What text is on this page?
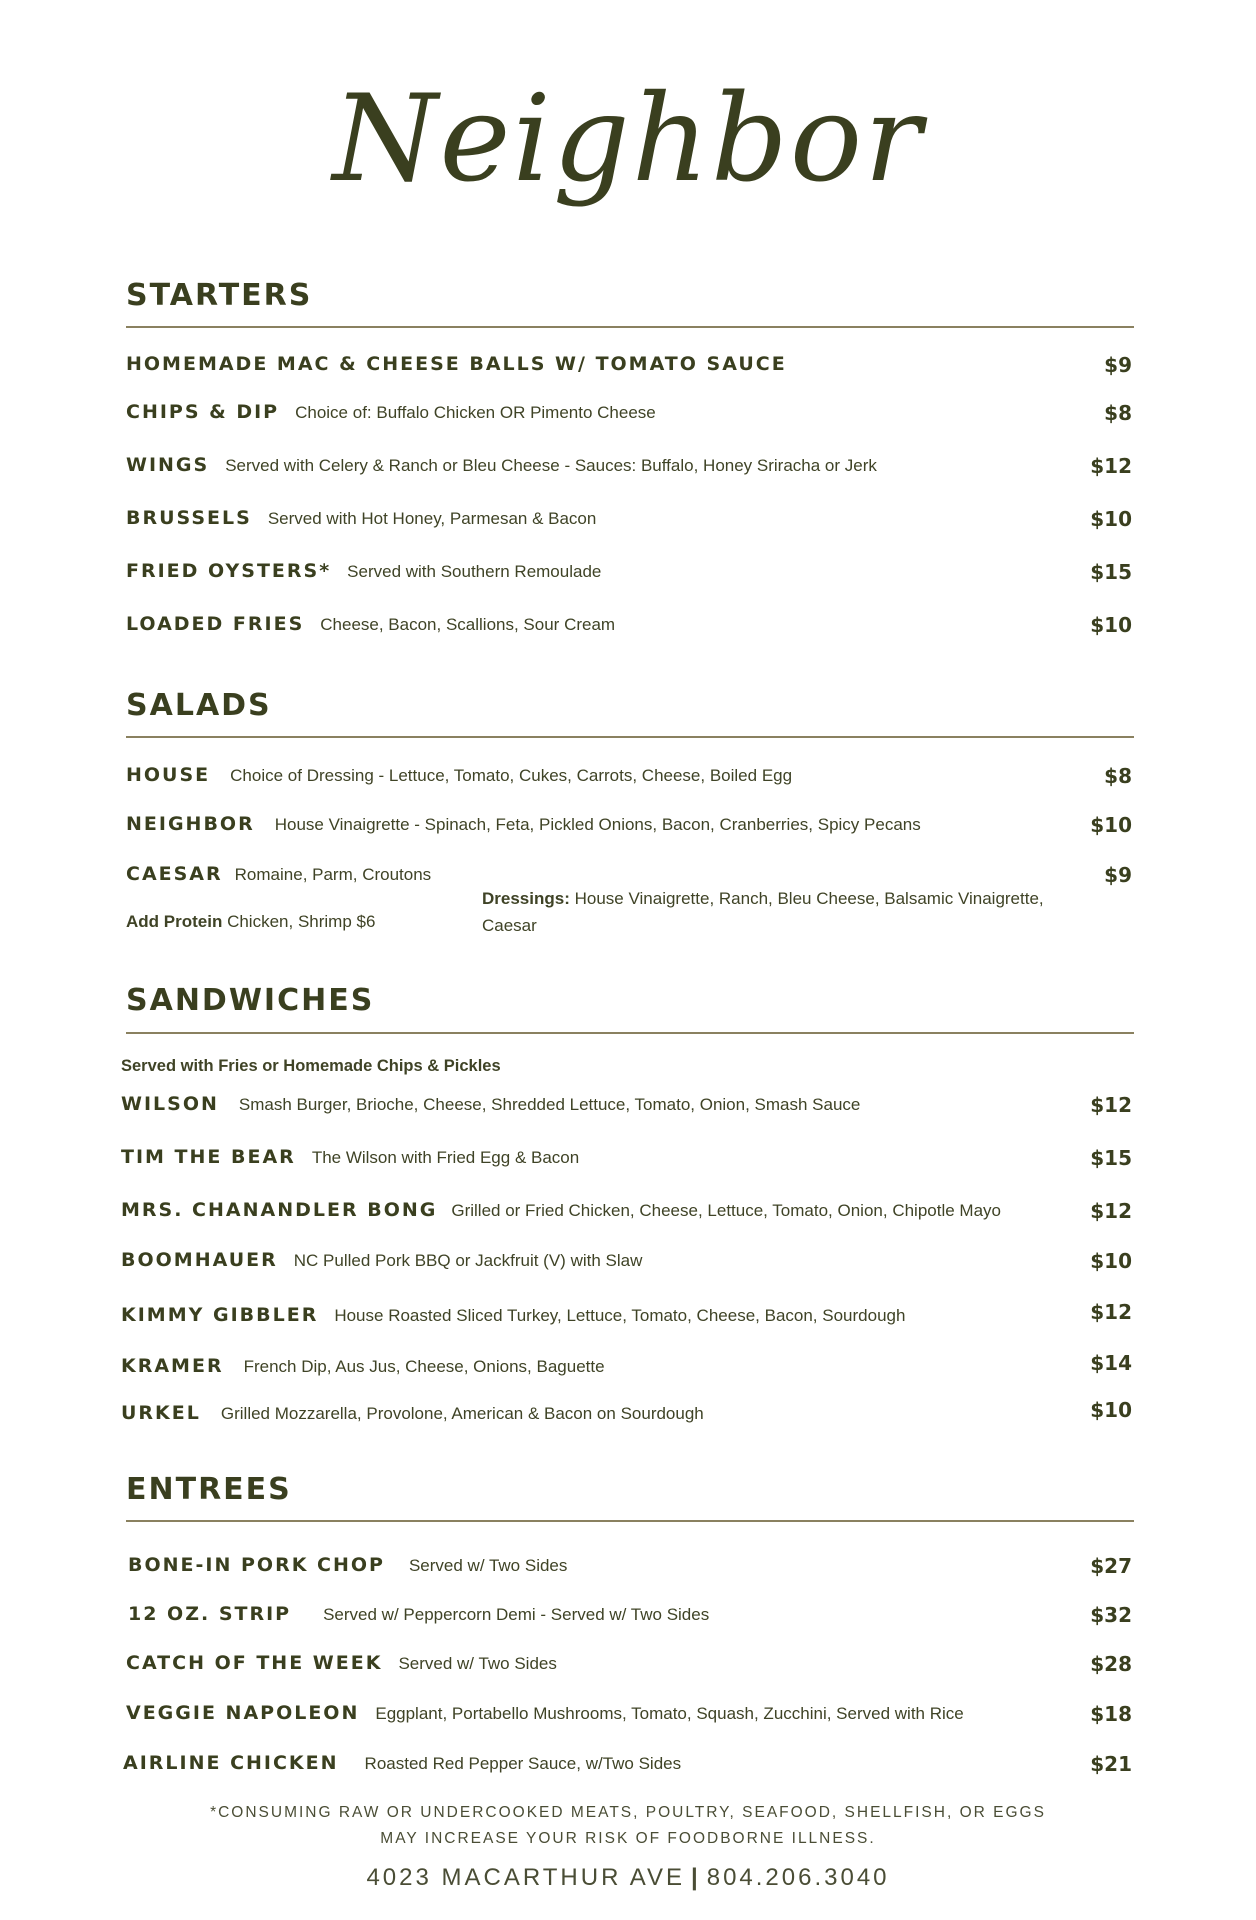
Neighbor
STARTERS
HOMEMADE MAC & CHEESE BALLS W/ TOMATO SAUCE	$9
CHIPS & DIP Choice of: Buffalo Chicken OR Pimento Cheese	$8
WINGS Served with Celery & Ranch or Bleu Cheese - Sauces: Buffalo, Honey Sriracha or Jerk	$12
BRUSSELS Served with Hot Honey, Parmesan & Bacon	$10
FRIED OYSTERS* Served with Southern Remoulade	$15
LOADED FRIES Cheese, Bacon, Scallions, Sour Cream	$10
SALADS
HOUSE Choice of Dressing - Lettuce, Tomato, Cukes, Carrots, Cheese, Boiled Egg	$8
NEIGHBOR House Vinaigrette - Spinach, Feta, Pickled Onions, Bacon, Cranberries, Spicy Pecans	$10
CAESAR Romaine, Parm, Croutons	$9
Add Protein Chicken, Shrimp $6
Dressings: House Vinaigrette, Ranch, Bleu Cheese, Balsamic Vinaigrette,
Caesar
SANDWICHES
Served with Fries or Homemade Chips & Pickles
WILSON Smash Burger, Brioche, Cheese, Shredded Lettuce, Tomato, Onion, Smash Sauce	$12
TIM THE BEAR The Wilson with Fried Egg & Bacon	$15
MRS. CHANANDLER BONG Grilled or Fried Chicken, Cheese, Lettuce, Tomato, Onion, Chipotle Mayo	$12
BOOMHAUER NC Pulled Pork BBQ or Jackfruit (V) with Slaw	$10
KIMMY GIBBLER House Roasted Sliced Turkey, Lettuce, Tomato, Cheese, Bacon, Sourdough	$12
KRAMER French Dip, Aus Jus, Cheese, Onions, Baguette	$14
URKEL Grilled Mozzarella, Provolone, American & Bacon on Sourdough	$10
ENTREES
BONE-IN PORK CHOP Served w/ Two Sides	$27
12 OZ. STRIP Served w/ Peppercorn Demi - Served w/ Two Sides	$32
CATCH OF THE WEEK Served w/ Two Sides	$28
VEGGIE NAPOLEON Eggplant, Portabello Mushrooms, Tomato, Squash, Zucchini, Served with Rice	$18
AIRLINE CHICKEN Roasted Red Pepper Sauce, w/Two Sides	$21
*CONSUMING RAW OR UNDERCOOKED MEATS, POULTRY, SEAFOOD, SHELLFISH, OR EGGS
MAY INCREASE YOUR RISK OF FOODBORNE ILLNESS.
4023 MACARTHUR AVE | 804.206.3040
